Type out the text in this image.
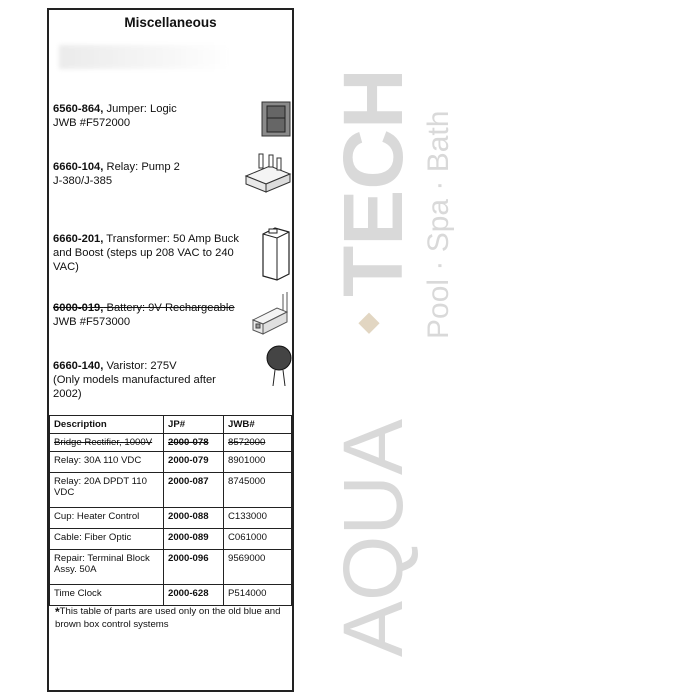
Miscellaneous
6560-864, Jumper: Logic
JWB #F572000
6660-104, Relay: Pump 2
J-380/J-385
6660-201, Transformer: 50 Amp Buck and Boost (steps up 208 VAC to 240 VAC)
6000-019, Battery: 9V Rechargeable
JWB #F573000
6660-140, Varistor: 275V
(Only models manufactured after 2002)
Description	JP#	JWB#
Bridge Rectifier, 1000V	2000-078	8572000
Relay: 30A 110 VDC	2000-079	8901000
Relay: 20A DPDT 110 VDC	2000-087	8745000
Cup: Heater Control	2000-088	C133000
Cable: Fiber Optic	2000-089	C061000
Repair: Terminal Block Assy. 50A	2000-096	9569000
Time Clock	2000-628	P514000
*This table of parts are used only on the old blue and brown box control systems	AQUA
TECH Pool · Spa · Bath
